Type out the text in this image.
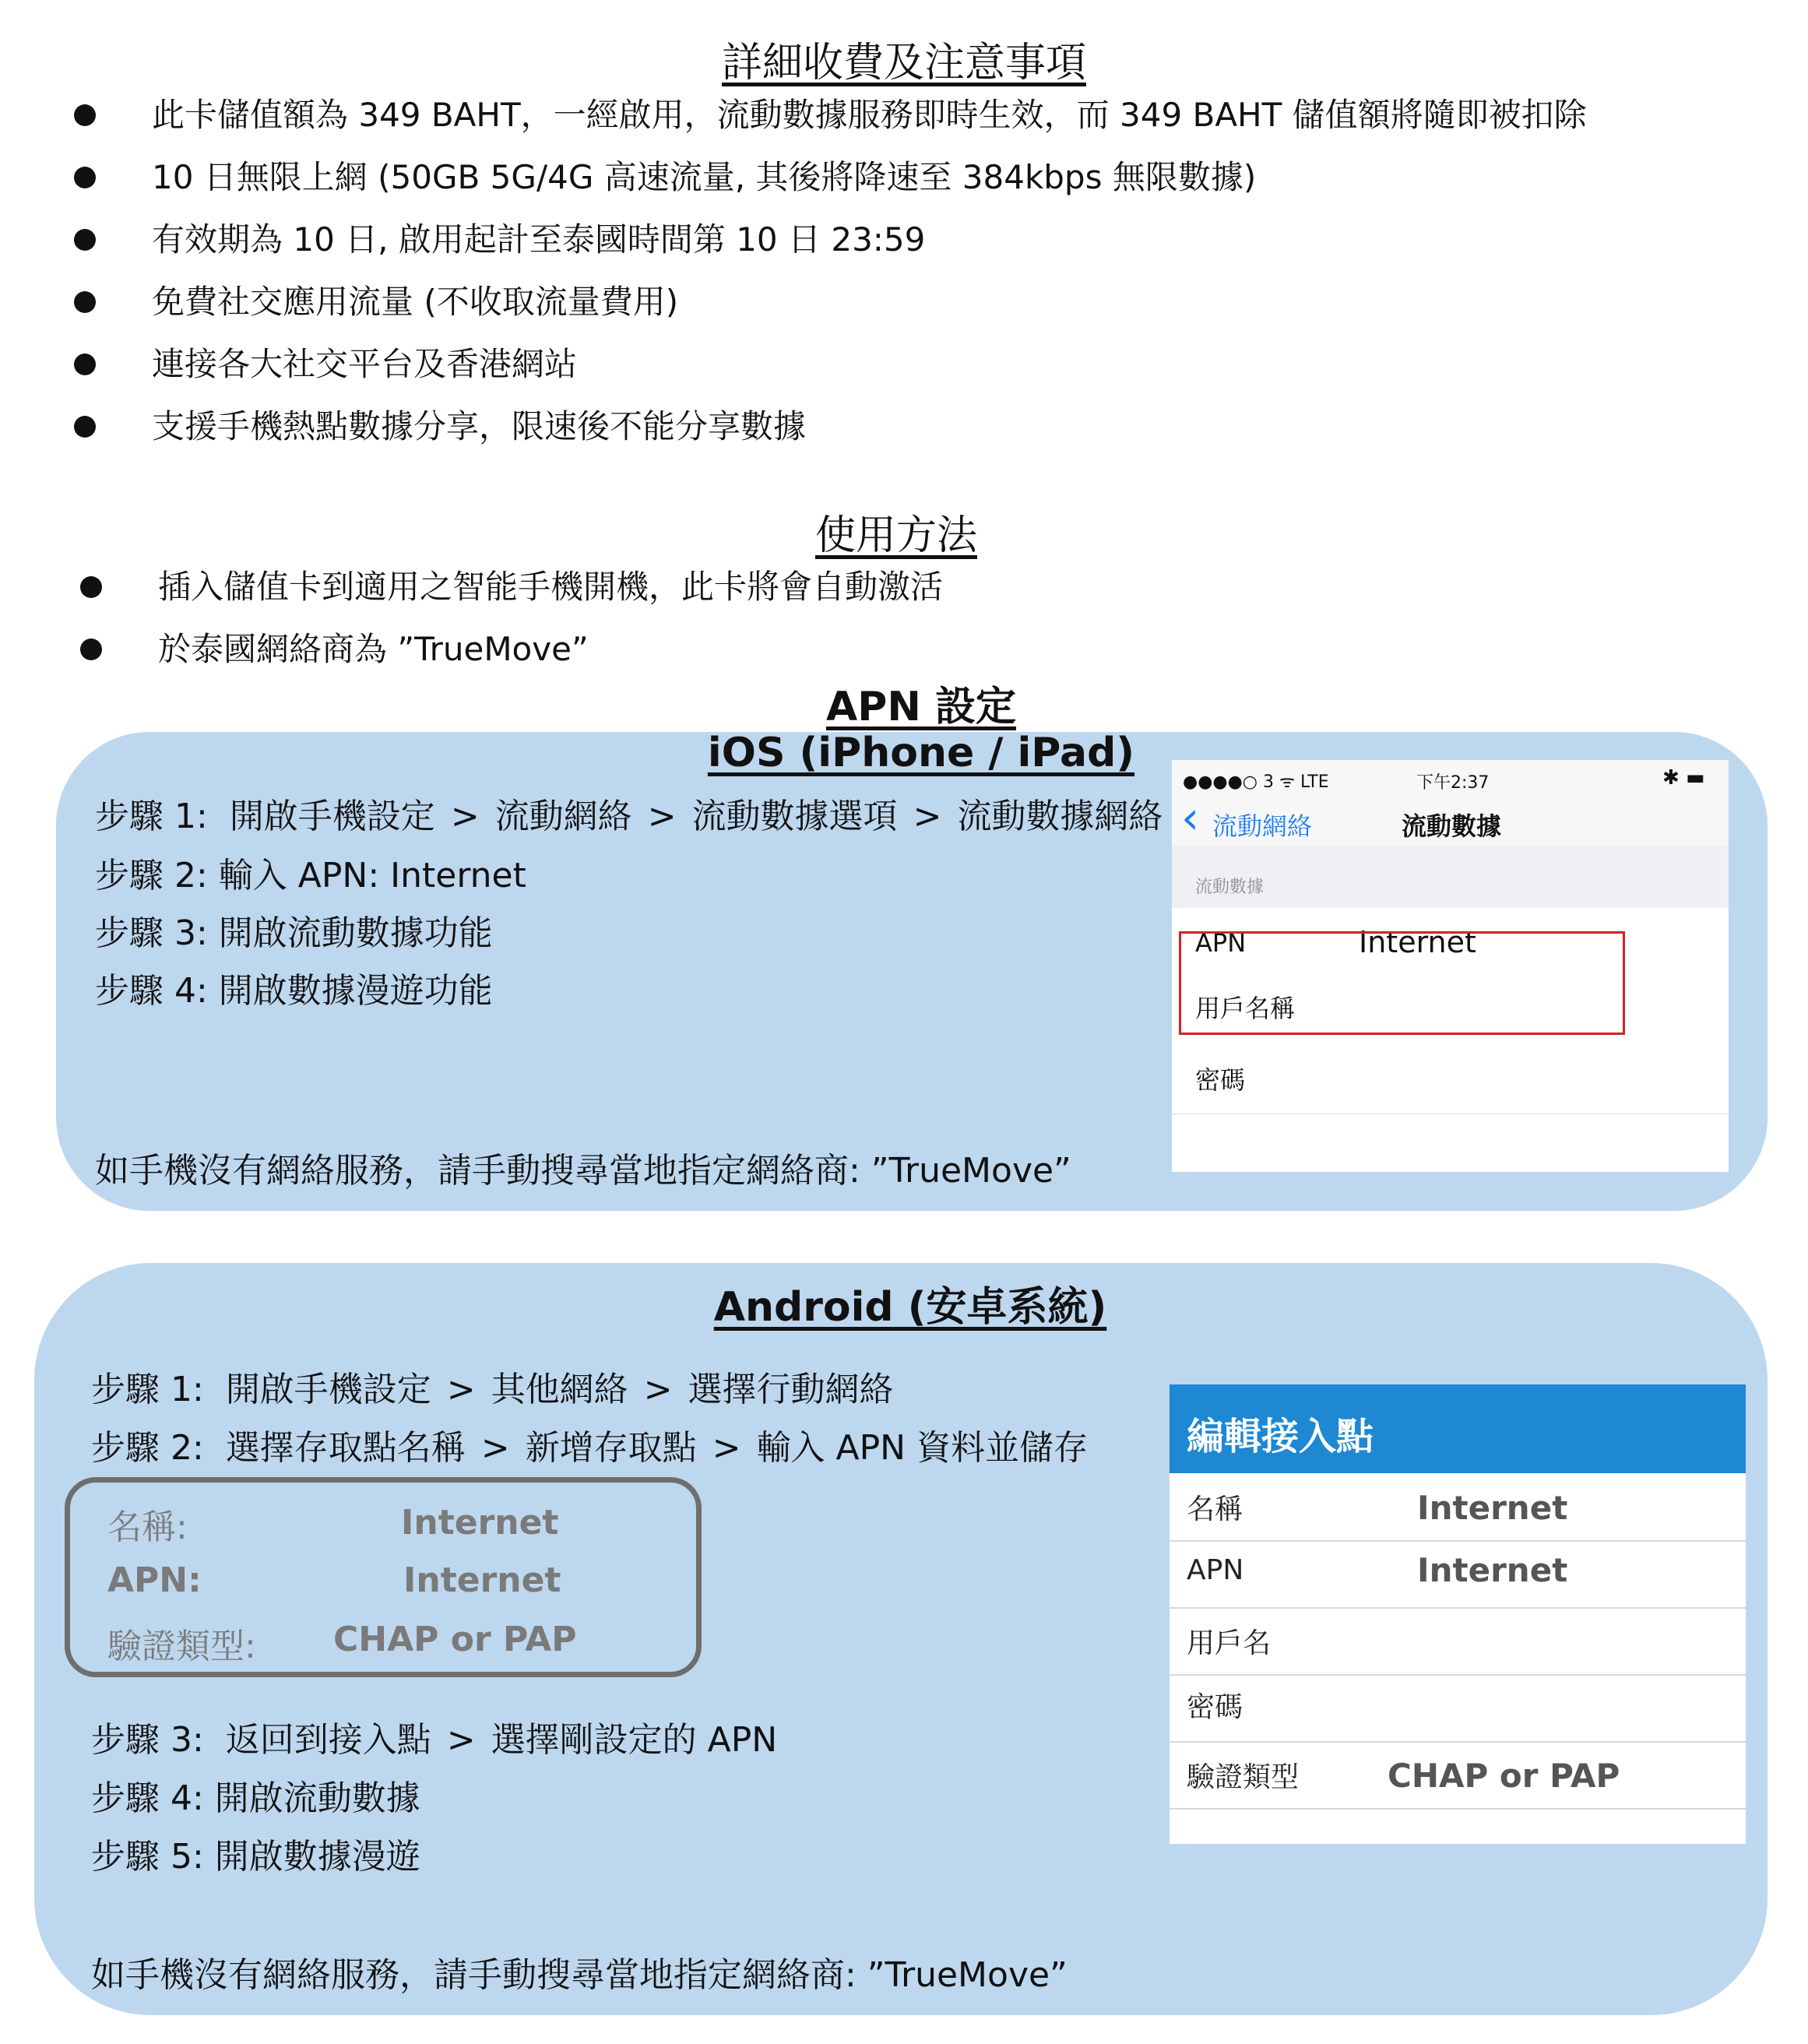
詳細收費及注意事項
此卡儲值額為 349 BAHT，一經啟用，流動數據服務即時生效，而 349 BAHT 儲值額將隨即被扣除
10 日無限上網 (50GB 5G/4G 高速流量, 其後將降速至 384kbps 無限數據)
有效期為 10 日, 啟用起計至泰國時間第 10 日 23:59
免費社交應用流量 (不收取流量費用)
連接各大社交平台及香港網站
支援手機熱點數據分享，限速後不能分享數據
使用方法
插入儲值卡到適用之智能手機開機，此卡將會自動激活
於泰國網絡商為 ”TrueMove”
APN 設定
iOS (iPhone / iPad)
步驟 1: 開啟手機設定 > 流動網絡 > 流動數據選項 > 流動數據網絡
步驟 2: 輸入 APN: Internet
步驟 3: 開啟流動數據功能
步驟 4: 開啟數據漫遊功能
如手機沒有網絡服務，請手動搜尋當地指定網絡商: ”TrueMove”
●●●●○ 3 ᯤ LTE	下午2:37	✱ ▬
‹ 流動網絡	流動數據
流動數據
APN	Internet
用戶名稱
密碼
Android (安卓系統)
步驟 1: 開啟手機設定 > 其他網絡 > 選擇行動網絡
步驟 2: 選擇存取點名稱 > 新增存取點 > 輸入 APN 資料並儲存
名稱:	Internet
APN:	Internet
驗證類型: CHAP or PAP
步驟 3: 返回到接入點 > 選擇剛設定的 APN
步驟 4: 開啟流動數據
步驟 5: 開啟數據漫遊
如手機沒有網絡服務，請手動搜尋當地指定網絡商: ”TrueMove”
編輯接入點
名稱	Internet
APN	Internet
用戶名
密碼
驗證類型	CHAP or PAP
